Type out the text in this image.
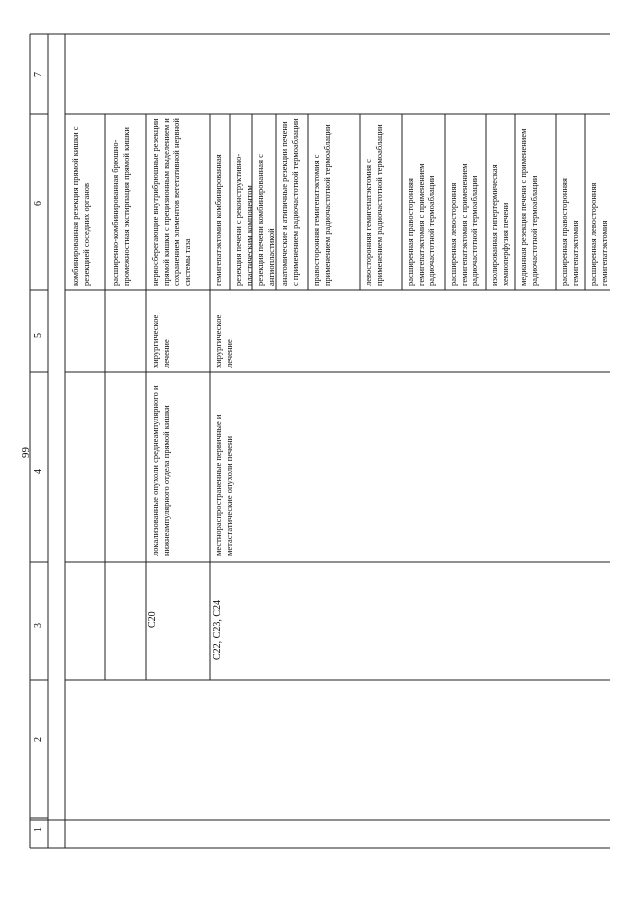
99
1
2
3
4
5
6
7
комбинированная резекция прямой кишки с резекцией соседних органов расширенно-комбинированная брюшно-промежностная экстирпация прямой кишки
C20
локализованные опухоли среднеампулярного и нижнеампулярного отдела прямой кишки
хирургическое лечение
нервосберегающие внутрибрюшные резекции прямой кишки с прецизионным выделением и сохранением элементов вегетативной нервной системы таза
C22, C23, C24
местнораспространенные первичные и метастатические опухоли печени
хирургическое лечение
гемигепатэктомия комбинированная резекция печени с реконструктивно-пластическим компонентом резекция печени комбинированная с ангиопластикой анатомические и атипичные резекции печени с применением радиочастотной термоаблации правосторонняя гемигепатэктомия с применением радиочастотной термоаблации	левосторонняя гемигепатэктомия с применением радиочастотной термоаблации	расширенная правосторонняя гемигепатэктомия с применением радиочастотной термоаблации расширенная левосторонняя гемигепатэктомия с применением радиочастотной термоаблации изолированная гипертермическая хемиоперфузия печени медианная резекция печени с применением радиочастотной термоаблации расширенная правосторонняя гемигепатэктомия расширенная левосторонняя гемигепатэктомия
